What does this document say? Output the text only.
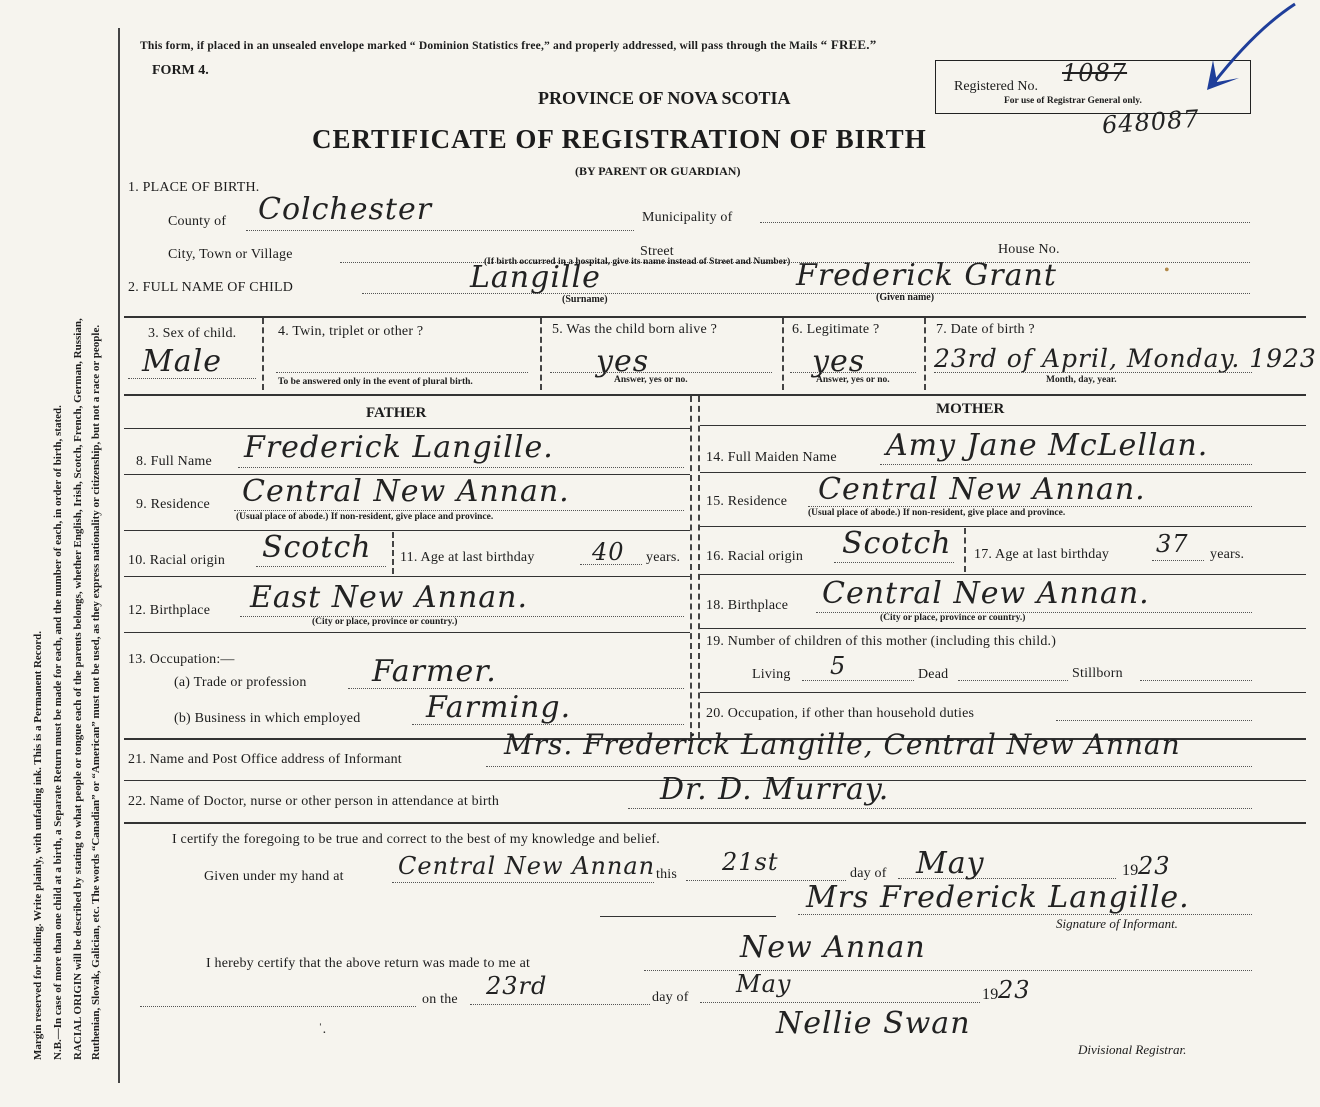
Margin reserved for binding. Write plainly, with unfading ink. This is a Permanent Record. N.B.—In case of more than one child at a birth, a Separate Return must be made for each, and the number of each, in order of birth, stated. RACIAL ORIGIN will be described by stating to what people or tongue each of the parents belongs, whether English, Irish, Scotch, French, German, Russian, Ruthenian, Slovak, Galician, etc. The words “Canadian” or “American” must not be used, as they express nationality or citizenship, but not a race or people.
This form, if placed in an unsealed envelope marked “ Dominion Statistics free,” and properly addressed, will pass through the Mails “ FREE.”
FORM 4.
PROVINCE OF NOVA SCOTIA
CERTIFICATE OF REGISTRATION OF BIRTH
(BY PARENT OR GUARDIAN)
Registered No. 1087
For use of Registrar General only.
648087
1. PLACE OF BIRTH.
County of Colchester	Municipality of
City, Town or Village	Street	House No.
(If birth occurred in a hospital, give its name instead of Street and Number)
2. FULL NAME OF CHILD	Langille
(Surname)
Frederick Grant
(Given name)
•
3. Sex of child.
Male
4. Twin, triplet or other ?
To be answered only in the event of plural birth.
5. Was the child born alive ?
yes
Answer, yes or no.
6. Legitimate ?
yes
Answer, yes or no.
7. Date of birth ?
23rd of April, Monday. 1923
Month, day, year.
FATHER	MOTHER
8. Full Name Frederick Langille.
9. Residence Central New Annan.
(Usual place of abode.) If non-resident, give place and province.
10. Racial origin Scotch 11. Age at last birthday 40 years.
12. Birthplace East New Annan.
(City or place, province or country.)
13. Occupation:—
(a) Trade or profession Farmer.
(b) Business in which employed Farming.
14. Full Maiden Name Amy Jane McLellan.
15. Residence Central New Annan.
(Usual place of abode.) If non-resident, give place and province.
16. Racial origin Scotch 17. Age at last birthday 37 years.
18. Birthplace Central New Annan.
(City or place, province or country.)
19. Number of children of this mother (including this child.)
Living 5	Dead	Stillborn
20. Occupation, if other than household duties
21. Name and Post Office address of Informant	Mrs. Frederick Langille, Central New Annan
22. Name of Doctor, nurse or other person in attendance at birth	Dr. D. Murray.
I certify the foregoing to be true and correct to the best of my knowledge and belief.
Given under my hand at Central New Annan this 21st	day of May	19 23
Mrs Frederick Langille.
Signature of Informant.
I hereby certify that the above return was made to me at	New Annan
on the 23rd	day of May	19 23
Nellie Swan
Divisional Registrar.
ˈ.
